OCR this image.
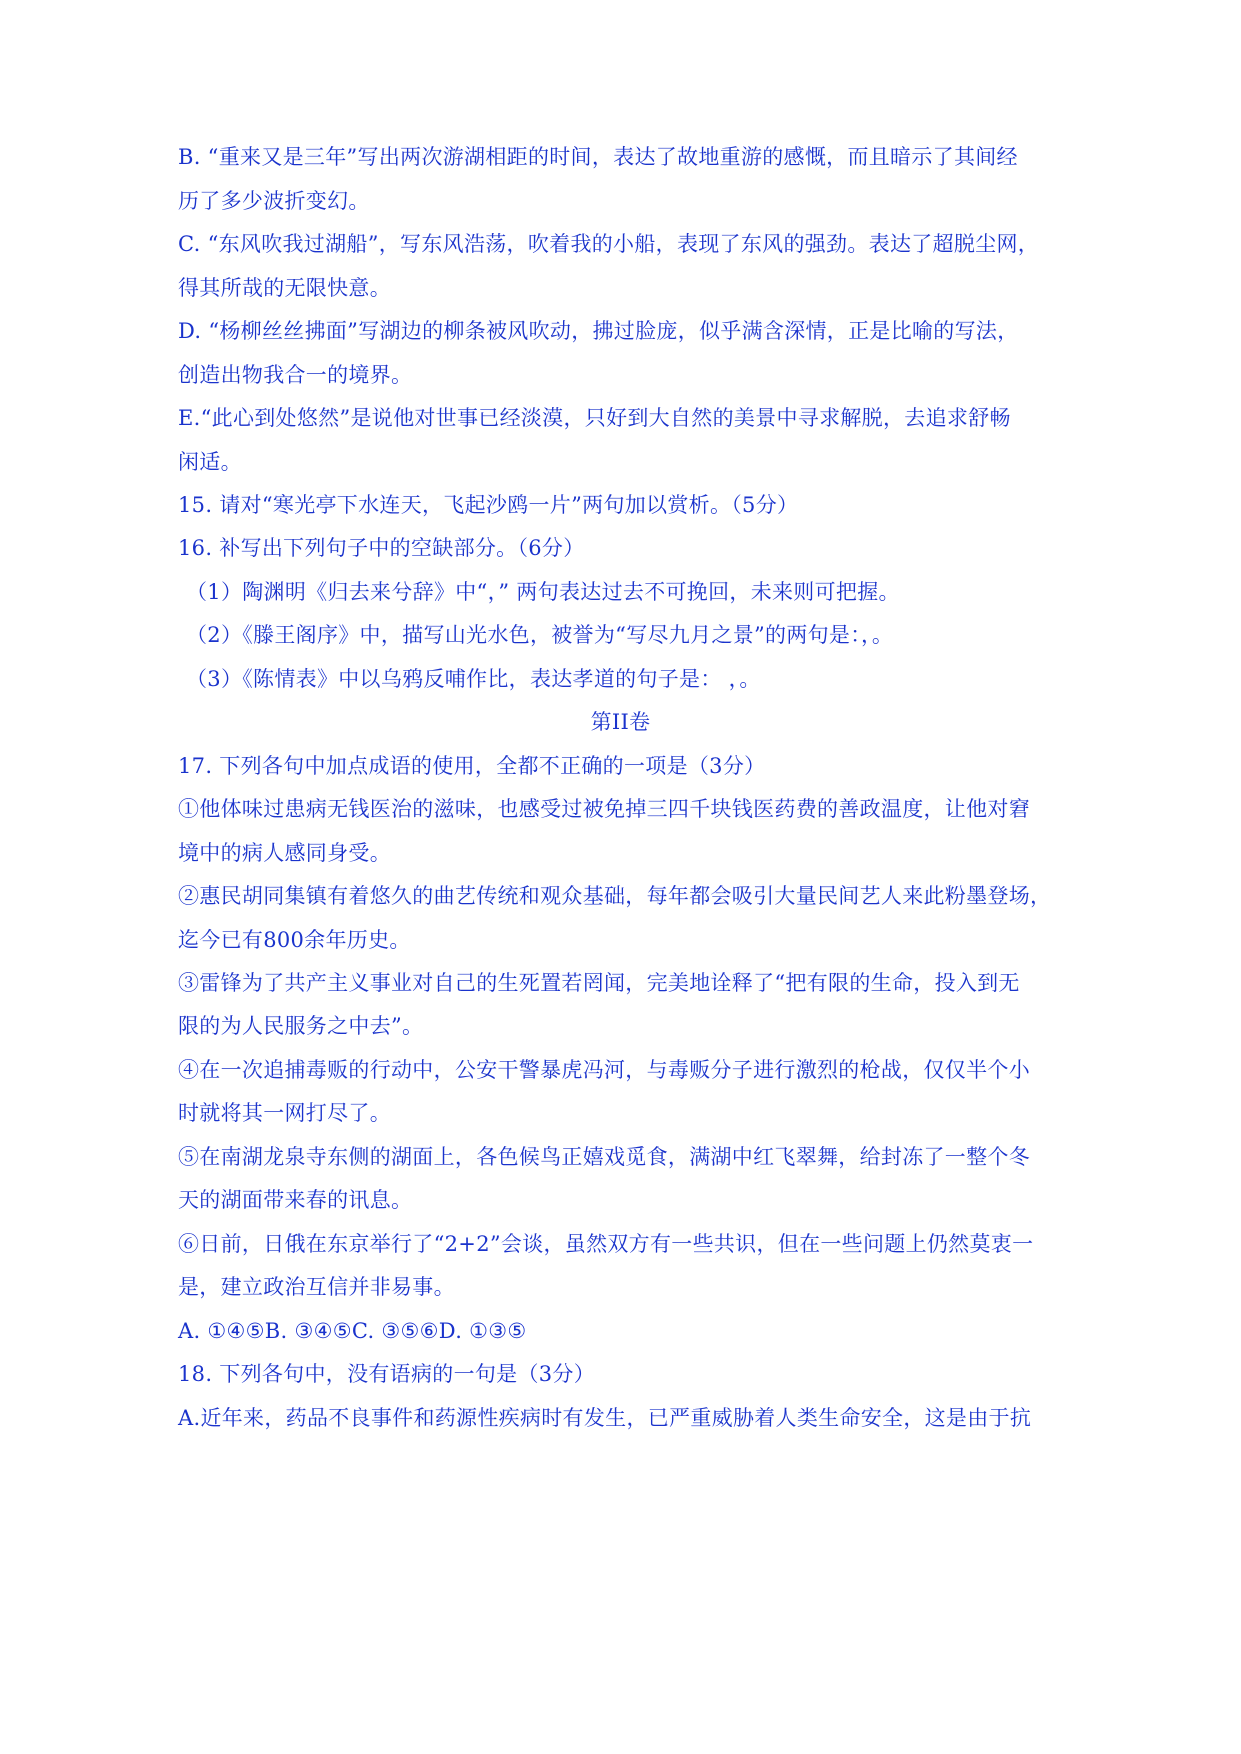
B. “重来又是三年”写出两次游湖相距的时间，表达了故地重游的感慨，而且暗示了其间经
历了多少波折变幻。
C. “东风吹我过湖船”，写东风浩荡，吹着我的小船，表现了东风的强劲。表达了超脱尘网，
得其所哉的无限快意。
D. “杨柳丝丝拂面”写湖边的柳条被风吹动，拂过脸庞，似乎满含深情，正是比喻的写法，
创造出物我合一的境界。
E.“此心到处悠然”是说他对世事已经淡漠，只好到大自然的美景中寻求解脱，去追求舒畅
闲适。
15. 请对“寒光亭下水连天，飞起沙鸥一片”两句加以赏析。（5分）
16. 补写出下列句子中的空缺部分。（6分）
（1）陶渊明《归去来兮辞》中“，” 两句表达过去不可挽回，未来则可把握。
（2）《滕王阁序》中，描写山光水色，被誉为“写尽九月之景”的两句是：，。
（3）《陈情表》中以乌鸦反哺作比，表达孝道的句子是： ，。
第II卷
17. 下列各句中加点成语的使用，全都不正确的一项是（3分）
①他体味过患病无钱医治的滋味，也感受过被免掉三四千块钱医药费的善政温度，让他对窘
境中的病人感同身受。
②惠民胡同集镇有着悠久的曲艺传统和观众基础，每年都会吸引大量民间艺人来此粉墨登场，
迄今已有800余年历史。
③雷锋为了共产主义事业对自己的生死置若罔闻，完美地诠释了“把有限的生命，投入到无
限的为人民服务之中去”。
④在一次追捕毒贩的行动中，公安干警暴虎冯河，与毒贩分子进行激烈的枪战，仅仅半个小
时就将其一网打尽了。
⑤在南湖龙泉寺东侧的湖面上，各色候鸟正嬉戏觅食，满湖中红飞翠舞，给封冻了一整个冬
天的湖面带来春的讯息。
⑥日前，日俄在东京举行了“2+2”会谈，虽然双方有一些共识，但在一些问题上仍然莫衷一
是，建立政治互信并非易事。
A. ①④⑤B. ③④⑤C. ③⑤⑥D. ①③⑤
18. 下列各句中，没有语病的一句是（3分）
A.近年来，药品不良事件和药源性疾病时有发生，已严重威胁着人类生命安全，这是由于抗
